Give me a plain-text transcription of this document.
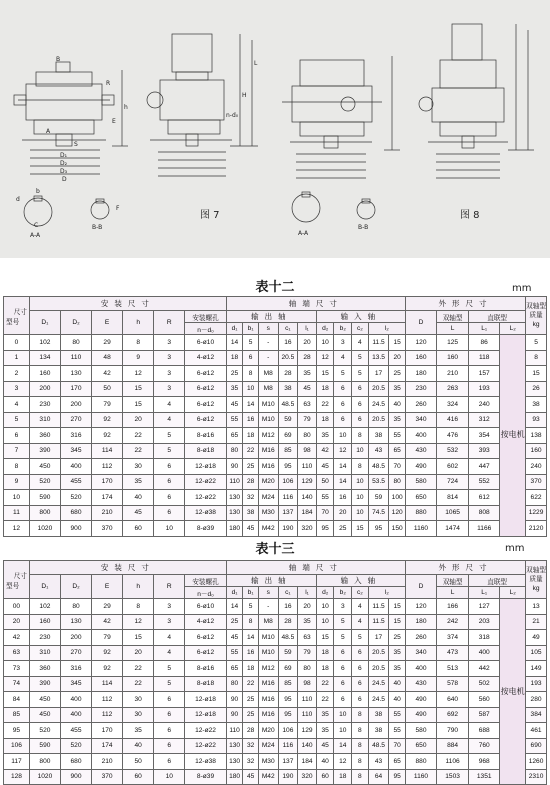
图 7	图 8
A-A
B-B
A-A
B-B
D₁
D₂
D₃
D
S
E
h
H
L
B
R
A
n-d₀
d
C
b
F
表十二	mm
尺寸
型号	安装尺寸						轴端尺寸										外形尺寸				双轴型质量 kg
	D₁	D₂	E	h	R	安装螺孔	输出轴					输入轴					D	双轴型	直联型		
						n－d₀	d₁	b₁	s	c₁	l₁	d₂	b₂	c₂	l₂			L	L₁	L₂	
0	102	80	29	8	3	6-ø10	14	5	-	16	20	10	3	4	11.5	15	120	125	86	按电机	5
1	134	110	48	9	3	4-ø12	18	6	-	20.5	28	12	4	5	13.5	20	160	160	118		8
2	160	130	42	12	3	6-ø12	25	8	M8	28	35	15	5	5	17	25	180	210	157		15
3	200	170	50	15	3	6-ø12	35	10	M8	38	45	18	6	6	20.5	35	230	263	193		26
4	230	200	79	15	4	6-ø12	45	14	M10	48.5	63	22	6	6	24.5	40	260	324	240		38
5	310	270	92	20	4	6-ø12	55	16	M10	59	79	18	6	6	20.5	35	340	416	312		93
6	360	316	92	22	5	8-ø16	65	18	M12	69	80	35	10	8	38	55	400	476	354		138
7	390	345	114	22	5	8-ø18	80	22	M16	85	98	42	12	10	43	65	430	532	393		160
8	450	400	112	30	6	12-ø18	90	25	M16	95	110	45	14	8	48.5	70	490	602	447		240
9	520	455	170	35	6	12-ø22	110	28	M20	106	129	50	14	10	53.5	80	580	724	552		370
10	590	520	174	40	6	12-ø22	130	32	M24	116	140	55	16	10	59	100	650	814	612		622
11	800	680	210	45	6	12-ø38	130	38	M30	137	184	70	20	10	74.5	120	880	1065	808		1229
12	1020	900	370	60	10	8-ø39	180	45	M42	190	320	95	25	15	95	150	1160	1474	1166		2120
表十三	mm
尺寸
型号	安装尺寸						轴端尺寸										外形尺寸				双轴型质量 kg
	D₁	D₂	E	h	R	安装螺孔	输出轴					输入轴					D	双轴型	直联型		
						n－d₀	d₁	b₁	s	c₁	l₁	d₂	b₂	c₂	l₂			L	L₁	L₂	
00	102	80	29	8	3	6-ø10	14	5	-	16	20	10	3	4	11.5	15	120	166	127	按电机	13
20	160	130	42	12	3	4-ø12	25	8	M8	28	35	10	5	4	11.5	15	180	242	203		21
42	230	200	79	15	4	6-ø12	45	14	M10	48.5	63	15	5	5	17	25	260	374	318		49
63	310	270	92	20	4	6-ø12	55	16	M10	59	79	18	6	6	20.5	35	340	473	400		105
73	360	316	92	22	5	8-ø16	65	18	M12	69	80	18	6	6	20.5	35	400	513	442		149
74	390	345	114	22	5	8-ø18	80	22	M16	85	98	22	6	6	24.5	40	430	578	502		193
84	450	400	112	30	6	12-ø18	90	25	M16	95	110	22	6	6	24.5	40	490	640	560		280
85	450	400	112	30	6	12-ø18	90	25	M16	95	110	35	10	8	38	55	490	692	587		384
95	520	455	170	35	6	12-ø22	110	28	M20	106	129	35	10	8	38	55	580	790	688		461
106	590	520	174	40	6	12-ø22	130	32	M24	116	140	45	14	8	48.5	70	650	884	760		690
117	800	680	210	50	6	12-ø38	130	32	M30	137	184	40	12	8	43	65	880	1106	968		1260
128	1020	900	370	60	10	8-ø39	180	45	M42	190	320	60	18	8	64	95	1160	1503	1351		2310
